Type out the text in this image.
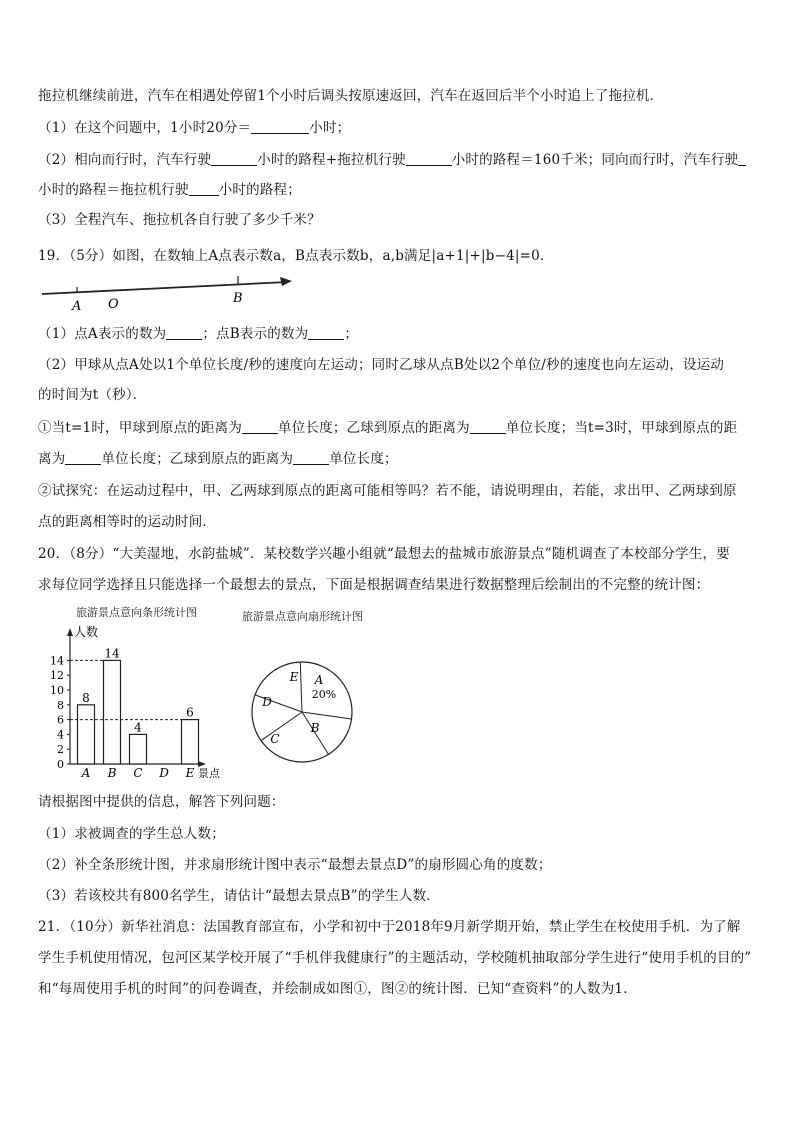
拖拉机继续前进，汽车在相遇处停留1个小时后调头按原速返回，汽车在返回后半个小时追上了拖拉机．
（1）在这个问题中，1小时20分＝	小时；
（2）相向而行时，汽车行驶	小时的路程+拖拉机行驶	小时的路程＝160千米；同向而行时，汽车行驶
小时的路程＝拖拉机行驶 小时的路程；
（3）全程汽车、拖拉机各自行驶了多少千米？
19．（5分）如图，在数轴上A点表示数a，B点表示数b，a,b满足|a+1|+|b−4|=0．
A O	B
（1）点A表示的数为	；点B表示的数为	；
（2）甲球从点A处以1个单位长度/秒的速度向左运动；同时乙球从点B处以2个单位/秒的速度也向左运动，设运动
的时间为t（秒）．
①当t=1时，甲球到原点的距离为	单位长度；乙球到原点的距离为	单位长度；当t=3时，甲球到原点的距
离为	单位长度；乙球到原点的距离为	单位长度；
②试探究：在运动过程中，甲、乙两球到原点的距离可能相等吗？若不能，请说明理由，若能，求出甲、乙两球到原
点的距离相等时的运动时间．
20．（8分）“大美湿地，水韵盐城”．某校数学兴趣小组就“最想去的盐城市旅游景点”随机调查了本校部分学生，要
求每位同学选择且只能选择一个最想去的景点，下面是根据调查结果进行数据整理后绘制出的不完整的统计图：
旅游景点意向条形统计图
人数
景点
0
2
4
6
8
10
12
14
8
A
14
B
4
C D
6
E
旅游景点意向扇形统计图
A
20%
B
C
D
E
请根据图中提供的信息，解答下列问题：
（1）求被调查的学生总人数；
（2）补全条形统计图，并求扇形统计图中表示“最想去景点D”的扇形圆心角的度数；
（3）若该校共有800名学生，请估计“最想去景点B”的学生人数．
21．（10分）新华社消息：法国教育部宣布，小学和初中于2018年9月新学期开始，禁止学生在校使用手机．为了解
学生手机使用情况，包河区某学校开展了“手机伴我健康行”的主题活动，学校随机抽取部分学生进行“使用手机的目的”
和“每周使用手机的时间”的问卷调查，并绘制成如图①，图②的统计图．已知“查资料”的人数为1．
